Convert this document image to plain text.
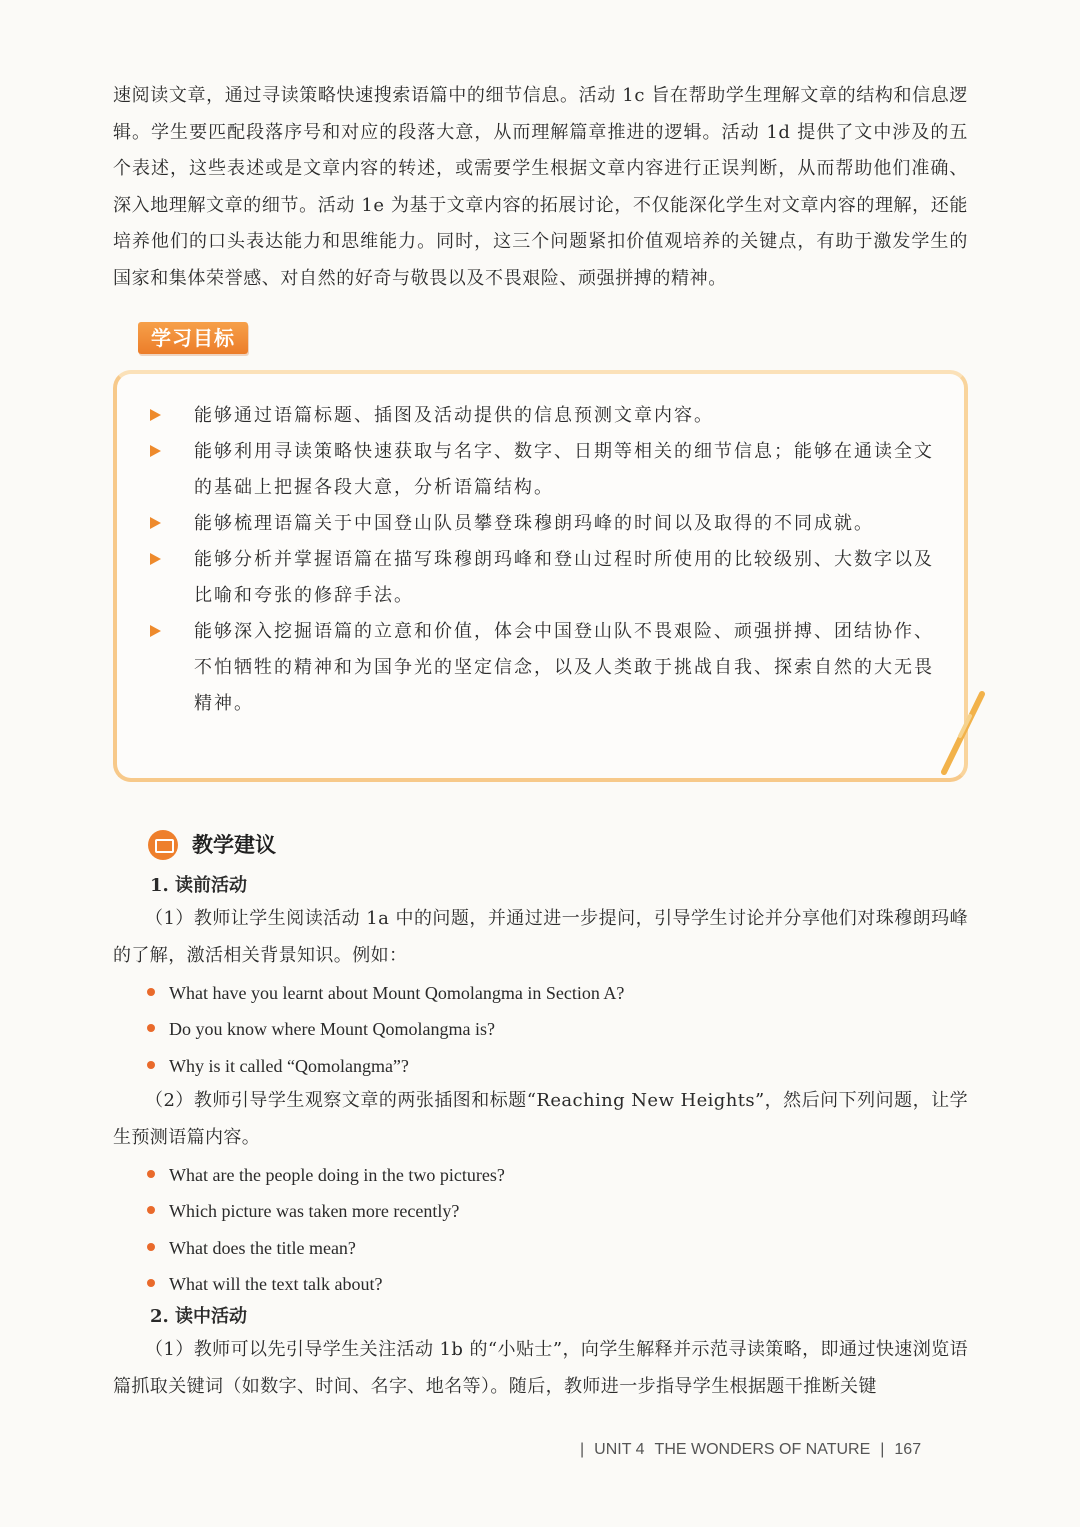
速阅读文章，通过寻读策略快速搜索语篇中的细节信息。活动 1c 旨在帮助学生理解文章的结构和信息逻辑。学生要匹配段落序号和对应的段落大意，从而理解篇章推进的逻辑。活动 1d 提供了文中涉及的五个表述，这些表述或是文章内容的转述，或需要学生根据文章内容进行正误判断，从而帮助他们准确、深入地理解文章的细节。活动 1e 为基于文章内容的拓展讨论，不仅能深化学生对文章内容的理解，还能培养他们的口头表达能力和思维能力。同时，这三个问题紧扣价值观培养的关键点，有助于激发学生的国家和集体荣誉感、对自然的好奇与敬畏以及不畏艰险、顽强拼搏的精神。

学习目标
能够通过语篇标题、插图及活动提供的信息预测文章内容。
能够利用寻读策略快速获取与名字、数字、日期等相关的细节信息；能够在通读全文的基础上把握各段大意，分析语篇结构。
能够梳理语篇关于中国登山队员攀登珠穆朗玛峰的时间以及取得的不同成就。
能够分析并掌握语篇在描写珠穆朗玛峰和登山过程时所使用的比较级别、大数字以及比喻和夸张的修辞手法。
能够深入挖掘语篇的立意和价值，体会中国登山队不畏艰险、顽强拼搏、团结协作、不怕牺牲的精神和为国争光的坚定信念，以及人类敢于挑战自我、探索自然的大无畏精神。
教学建议
1. 读前活动
（1）教师让学生阅读活动 1a 中的问题，并通过进一步提问，引导学生讨论并分享他们对珠穆朗玛峰的了解，激活相关背景知识。例如：
What have you learnt about Mount Qomolangma in Section A?
Do you know where Mount Qomolangma is?
Why is it called “Qomolangma”?
（2）教师引导学生观察文章的两张插图和标题“Reaching New Heights”，然后问下列问题，让学生预测语篇内容。
What are the people doing in the two pictures?
Which picture was taken more recently?
What does the title mean?
What will the text talk about?
2. 读中活动
（1）教师可以先引导学生关注活动 1b 的“小贴士”，向学生解释并示范寻读策略，即通过快速浏览语篇抓取关键词（如数字、时间、名字、地名等）。随后，教师进一步指导学生根据题干推断关键
| UNIT 4 THE WONDERS OF NATURE | 167
